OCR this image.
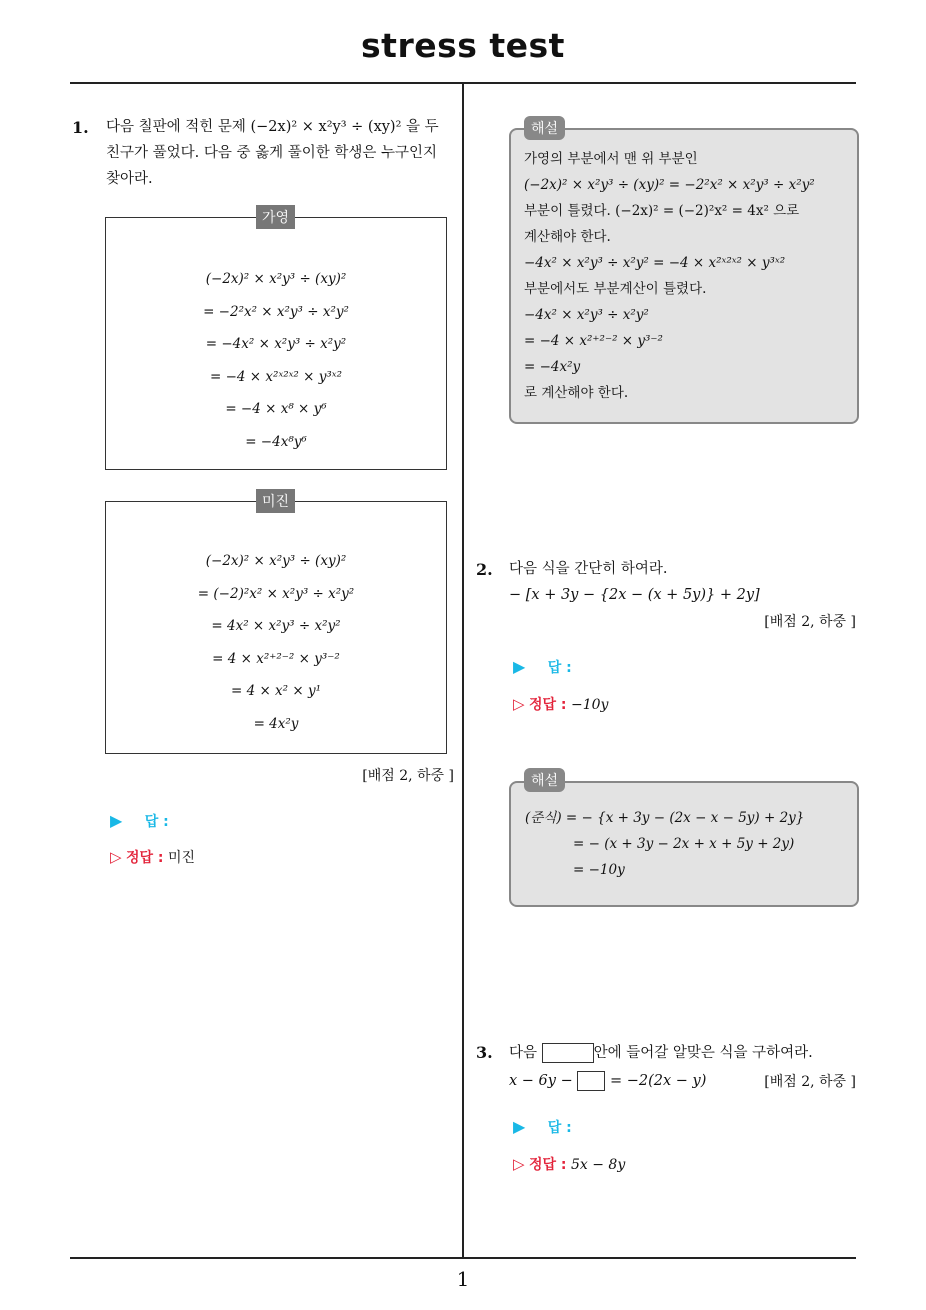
stress test
1. 다음 칠판에 적힌 문제 (−2x)² × x²y³ ÷ (xy)² 을 두
친구가 풀었다. 다음 중 옳게 풀이한 학생은 누구인지
찾아라.
(−2x)² × x²y³ ÷ (xy)²
= −2²x² × x²y³ ÷ x²y²
= −4x² × x²y³ ÷ x²y²
= −4 × x²ˣ²ˣ² × y³ˣ²
= −4 × x⁸ × y⁶
= −4x⁸y⁶
가영
(−2x)² × x²y³ ÷ (xy)²
= (−2)²x² × x²y³ ÷ x²y²
= 4x² × x²y³ ÷ x²y²
= 4 × x²⁺²⁻² × y³⁻²
= 4 × x² × y¹
= 4x²y
미진
[배점 2, 하중 ]
▶ 답 :
▷ 정답 : 미진
가영의 부분에서 맨 위 부분인
(−2x)² × x²y³ ÷ (xy)² = −2²x² × x²y³ ÷ x²y²
부분이 틀렸다. (−2x)² = (−2)²x² = 4x² 으로
계산해야 한다.
−4x² × x²y³ ÷ x²y² = −4 × x²ˣ²ˣ² × y³ˣ²
부분에서도 부분계산이 틀렸다.
−4x² × x²y³ ÷ x²y²
= −4 × x²⁺²⁻² × y³⁻²
= −4x²y
로 계산해야 한다.
해설
2. 다음 식을 간단히 하여라.
− [x + 3y − {2x − (x + 5y)} + 2y]
[배점 2, 하중 ]
▶ 답 :
▷ 정답 : −10y
(준식) = − {x + 3y − (2x − x − 5y) + 2y}
= − (x + 3y − 2x + x + 5y + 2y)
= −10y
해설
3. 다음	안에 들어갈 알맞은 식을 구하여라.
x − 6y −	= −2(2x − y)	[배점 2, 하중 ]
▶ 답 :
▷ 정답 : 5x − 8y
1
